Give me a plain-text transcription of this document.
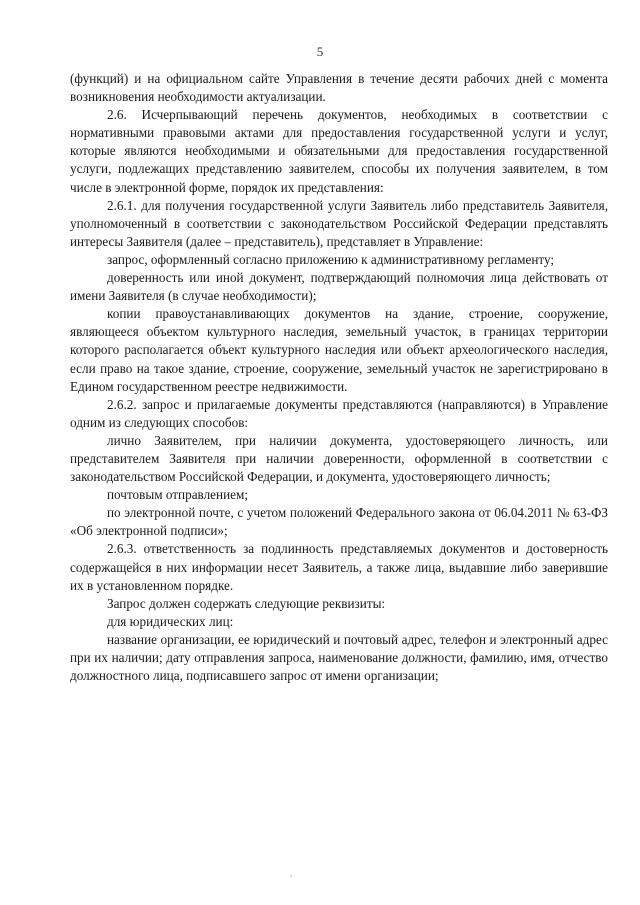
5

(функций) и на официальном сайте Управления в течение десяти рабочих дней с момента возникновения необходимости актуализации.

2.6. Исчерпывающий перечень документов, необходимых в соответствии с нормативными правовыми актами для предоставления государственной услуги и услуг, которые являются необходимыми и обязательными для предоставления государственной услуги, подлежащих представлению заявителем, способы их получения заявителем, в том числе в электронной форме, порядок их представления:

2.6.1. для получения государственной услуги Заявитель либо представитель Заявителя, уполномоченный в соответствии с законодательством Российской Федерации представлять интересы Заявителя (далее – представитель), представляет в Управление:

запрос, оформленный согласно приложению к административному регламенту;

доверенность или иной документ, подтверждающий полномочия лица действовать от имени Заявителя (в случае необходимости);

копии правоустанавливающих документов на здание, строение, сооружение, являющееся объектом культурного наследия, земельный участок, в границах территории которого располагается объект культурного наследия или объект археологического наследия, если право на такое здание, строение, сооружение, земельный участок не зарегистрировано в Едином государственном реестре недвижимости.

2.6.2. запрос и прилагаемые документы представляются (направляются) в Управление одним из следующих способов:

лично Заявителем, при наличии документа, удостоверяющего личность, или представителем Заявителя при наличии доверенности, оформленной в соответствии с законодательством Российской Федерации, и документа, удостоверяющего личность;

почтовым отправлением;

по электронной почте, с учетом положений Федерального закона от 06.04.2011 № 63-ФЗ «Об электронной подписи»;

2.6.3. ответственность за подлинность представляемых документов и достоверность содержащейся в них информации несет Заявитель, а также лица, выдавшие либо заверившие их в установленном порядке.

Запрос должен содержать следующие реквизиты:

для юридических лиц:

название организации, ее юридический и почтовый адрес, телефон и электронный адрес при их наличии; дату отправления запроса, наименование должности, фамилию, имя, отчество должностного лица, подписавшего запрос от имени организации;
